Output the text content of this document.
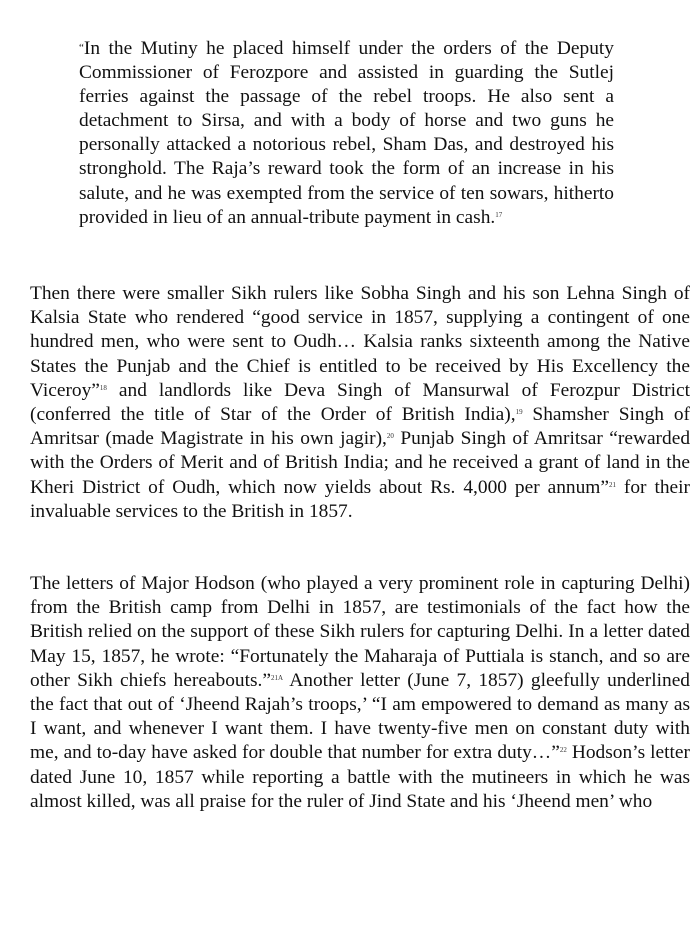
“In the Mutiny he placed himself under the orders of the Deputy Commissioner of Ferozpore and assisted in guarding the Sutlej ferries against the passage of the rebel troops. He also sent a detachment to Sirsa, and with a body of horse and two guns he personally attacked a notorious rebel, Sham Das, and destroyed his stronghold. The Raja’s reward took the form of an increase in his salute, and he was exempted from the service of ten sowars, hitherto provided in lieu of an annual-tribute payment in cash.$^{17}$
Then there were smaller Sikh rulers like Sobha Singh and his son Lehna Singh of Kalsia State who rendered “good service in 1857, supplying a contingent of one hundred men, who were sent to Oudh… Kalsia ranks sixteenth among the Native States the Punjab and the Chief is entitled to be received by His Excellency the Viceroy”$^{18}$ and landlords like Deva Singh of Mansurwal of Ferozpur District (conferred the title of Star of the Order of British India),$^{19}$ Shamsher Singh of Amritsar (made Magistrate in his own jagir),$^{20}$ Punjab Singh of Amritsar “rewarded with the Orders of Merit and of British India; and he received a grant of land in the Kheri District of Oudh, which now yields about Rs. 4,000 per annum”$^{21}$ for their invaluable services to the British in 1857.
The letters of Major Hodson (who played a very prominent role in capturing Delhi) from the British camp from Delhi in 1857, are testimonials of the fact how the British relied on the support of these Sikh rulers for capturing Delhi. In a letter dated May 15, 1857, he wrote: “Fortunately the Maharaja of Puttiala is stanch, and so are other Sikh chiefs hereabouts.”$^{21A}$ Another letter (June 7, 1857) gleefully underlined the fact that out of ‘Jheend Rajah’s troops,’ “I am empowered to demand as many as I want, and whenever I want them. I have twenty-five men on constant duty with me, and to-day have asked for double that number for extra duty…”$^{22}$ Hodson’s letter dated June 10, 1857 while reporting a battle with the mutineers in which he was almost killed, was all praise for the ruler of Jind State and his ‘Jheend men’ who
